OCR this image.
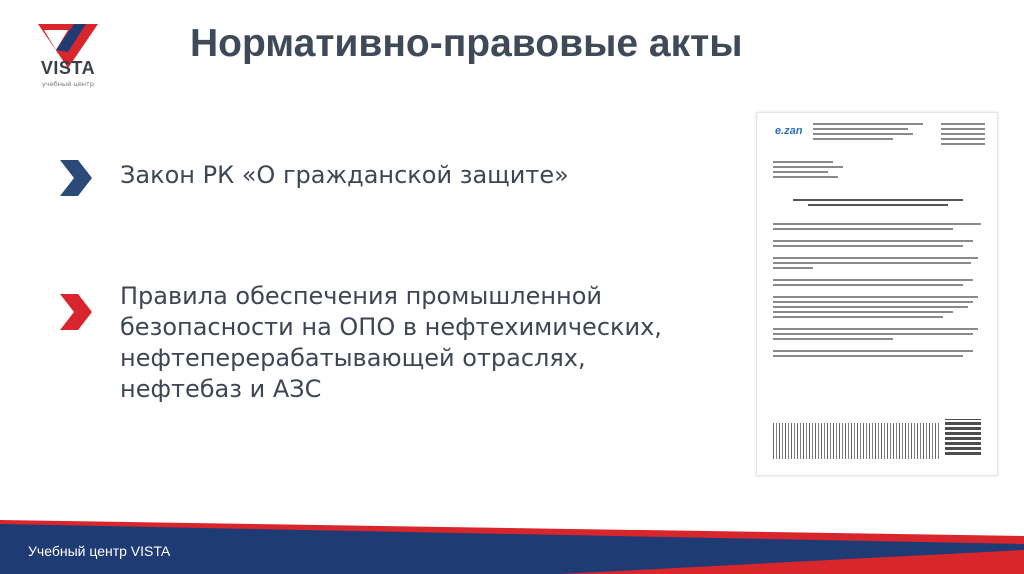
VISTA
учебный центр
Нормативно-правовые акты
Закон РК «О гражданской защите»
Правила обеспечения промышленной
безопасности на ОПО в нефтехимических,
нефтеперерабатывающей отраслях,
нефтебаз и АЗС
e.zan
Учебный центр VISTA
